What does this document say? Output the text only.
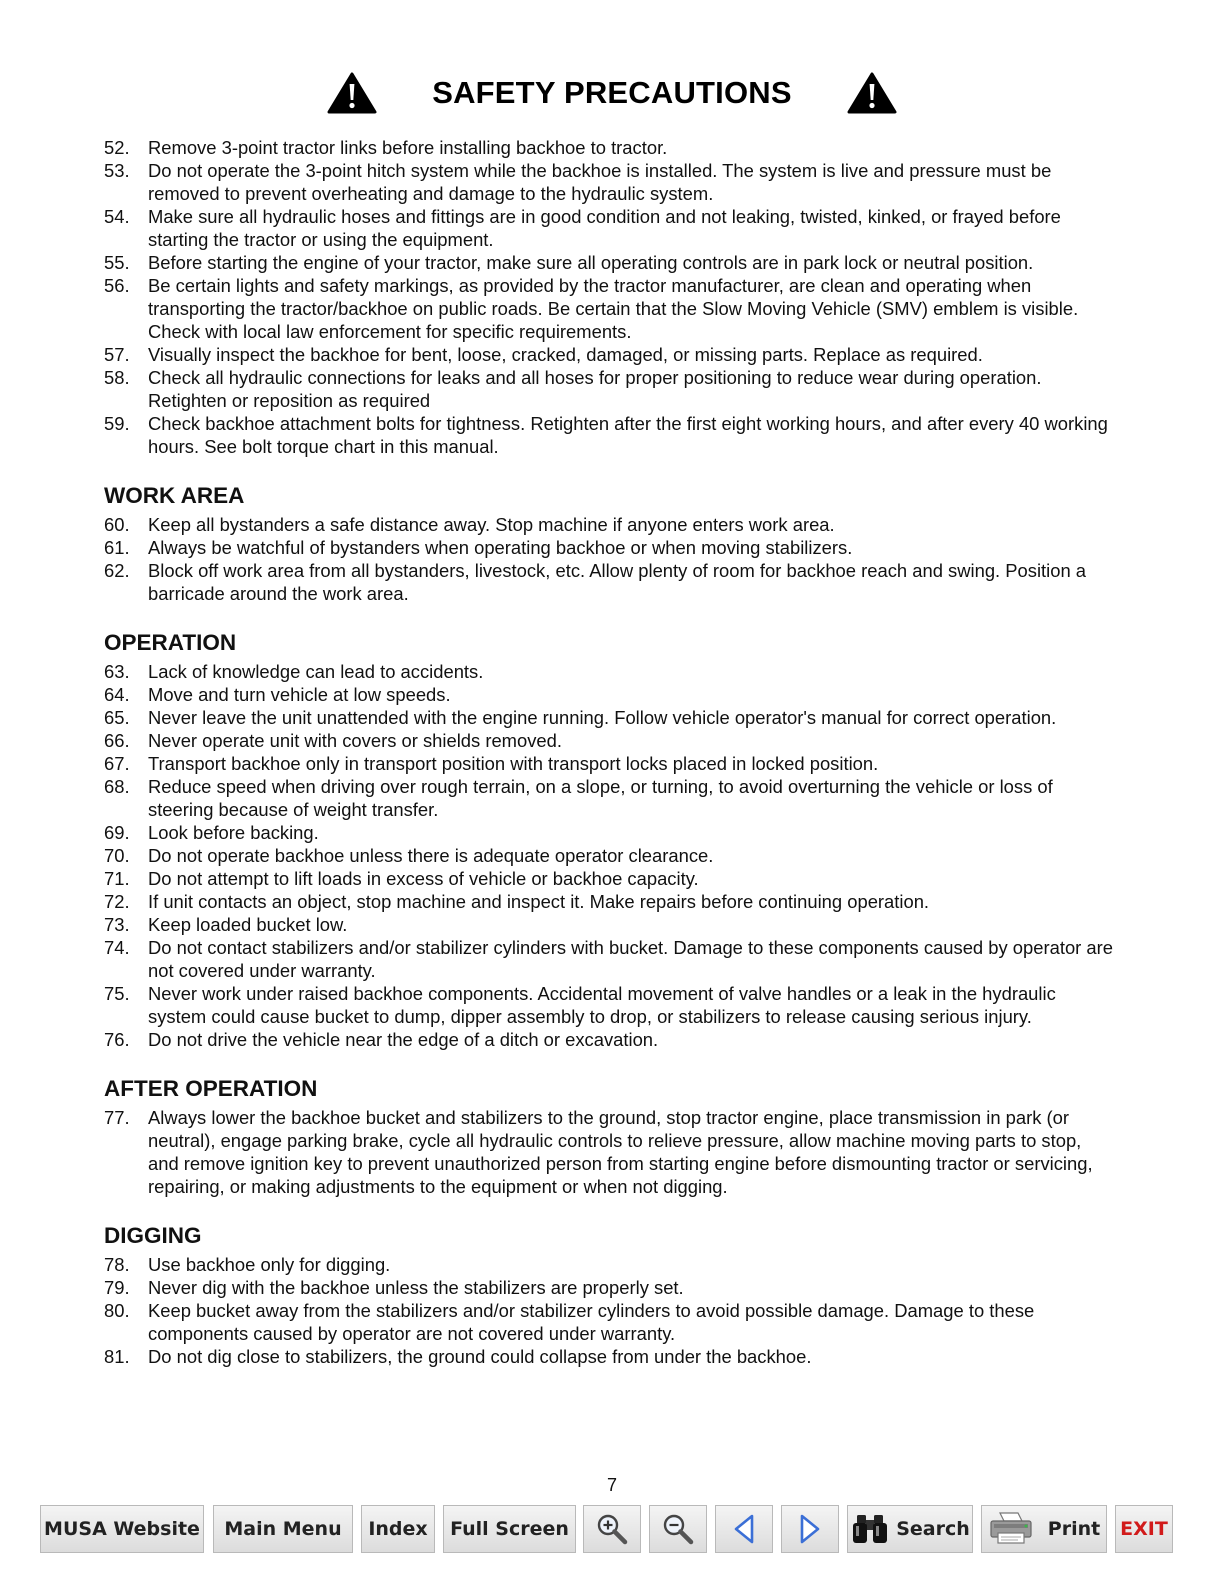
SAFETY PRECAUTIONS
52.	Remove 3-point tractor links before installing backhoe to tractor.
53.	Do not operate the 3-point hitch system while the backhoe is installed. The system is live and pressure must be removed to prevent overheating and damage to the hydraulic system.
54.	Make sure all hydraulic hoses and fittings are in good condition and not leaking, twisted, kinked, or frayed before starting the tractor or using the equipment.
55.	Before starting the engine of your tractor, make sure all operating controls are in park lock or neutral position.
56.	Be certain lights and safety markings, as provided by the tractor manufacturer, are clean and operating when transporting the tractor/backhoe on public roads. Be certain that the Slow Moving Vehicle (SMV) emblem is visible. Check with local law enforcement for specific requirements.
57.	Visually inspect the backhoe for bent, loose, cracked, damaged, or missing parts. Replace as required.
58.	Check all hydraulic connections for leaks and all hoses for proper positioning to reduce wear during operation. Retighten or reposition as required
59.	Check backhoe attachment bolts for tightness. Retighten after the first eight working hours, and after every 40 working hours. See bolt torque chart in this manual.
WORK AREA
60.	Keep all bystanders a safe distance away. Stop machine if anyone enters work area.
61.	Always be watchful of bystanders when operating backhoe or when moving stabilizers.
62.	Block off work area from all bystanders, livestock, etc. Allow plenty of room for backhoe reach and swing. Position a barricade around the work area.
OPERATION
63.	Lack of knowledge can lead to accidents.
64.	Move and turn vehicle at low speeds.
65.	Never leave the unit unattended with the engine running. Follow vehicle operator's manual for correct operation.
66.	Never operate unit with covers or shields removed.
67.	Transport backhoe only in transport position with transport locks placed in locked position.
68.	Reduce speed when driving over rough terrain, on a slope, or turning, to avoid overturning the vehicle or loss of steering because of weight transfer.
69.	Look before backing.
70.	Do not operate backhoe unless there is adequate operator clearance.
71.	Do not attempt to lift loads in excess of vehicle or backhoe capacity.
72.	If unit contacts an object, stop machine and inspect it. Make repairs before continuing operation.
73.	Keep loaded bucket low.
74.	Do not contact stabilizers and/or stabilizer cylinders with bucket. Damage to these components caused by operator are not covered under warranty.
75.	Never work under raised backhoe components. Accidental movement of valve handles or a leak in the hydraulic system could cause bucket to dump, dipper assembly to drop, or stabilizers to release causing serious injury.
76.	Do not drive the vehicle near the edge of a ditch or excavation.
AFTER OPERATION
77.	Always lower the backhoe bucket and stabilizers to the ground, stop tractor engine, place transmission in park (or neutral), engage parking brake, cycle all hydraulic controls to relieve pressure, allow machine moving parts to stop, and remove ignition key to prevent unauthorized person from starting engine before dismounting tractor or servicing, repairing, or making adjustments to the equipment or when not digging.
DIGGING
78.	Use backhoe only for digging.
79.	Never dig with the backhoe unless the stabilizers are properly set.
80.	Keep bucket away from the stabilizers and/or stabilizer cylinders to avoid possible damage. Damage to these components caused by operator are not covered under warranty.
81.	Do not dig close to stabilizers, the ground could collapse from under the backhoe.
7
MUSA Website Main Menu Index Full Screen	Search	Print EXIT
